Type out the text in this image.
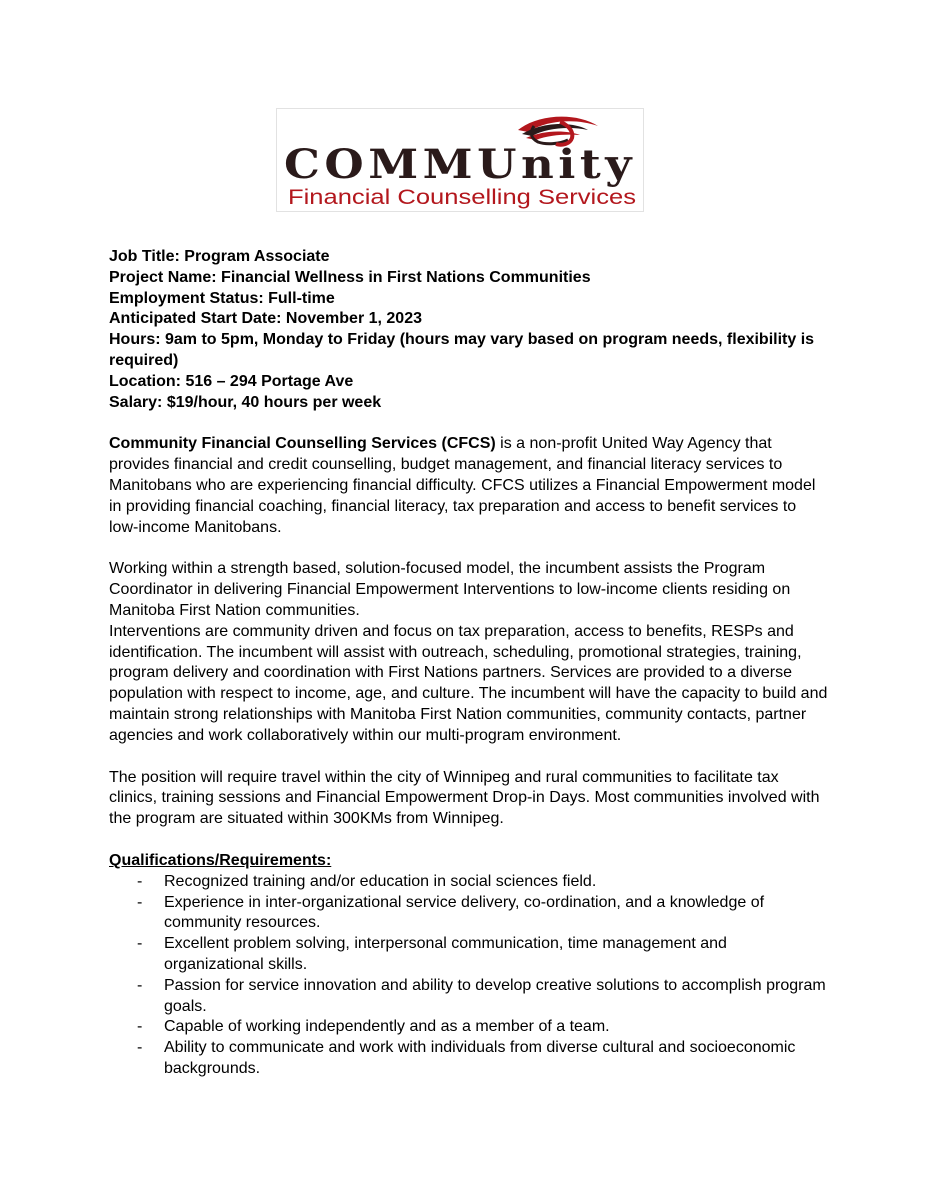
COMMUnity
Financial Counselling Services

Job Title: Program Associate

Project Name: Financial Wellness in First Nations Communities

Employment Status: Full-time

Anticipated Start Date: November 1, 2023

Hours: 9am to 5pm, Monday to Friday (hours may vary based on program needs, flexibility is required)

Location: 516 – 294 Portage Ave

Salary: $19/hour, 40 hours per week

Community Financial Counselling Services (CFCS) is a non-profit United Way Agency that provides financial and credit counselling, budget management, and financial literacy services to Manitobans who are experiencing financial difficulty. CFCS utilizes a Financial Empowerment model in providing financial coaching, financial literacy, tax preparation and access to benefit services to low-income Manitobans.

Working within a strength based, solution-focused model, the incumbent assists the Program Coordinator in delivering Financial Empowerment Interventions to low-income clients residing on Manitoba First Nation communities.

Interventions are community driven and focus on tax preparation, access to benefits, RESPs and identification. The incumbent will assist with outreach, scheduling, promotional strategies, training, program delivery and coordination with First Nations partners. Services are provided to a diverse population with respect to income, age, and culture. The incumbent will have the capacity to build and maintain strong relationships with Manitoba First Nation communities, community contacts, partner agencies and work collaboratively within our multi-program environment.

The position will require travel within the city of Winnipeg and rural communities to facilitate tax clinics, training sessions and Financial Empowerment Drop-in Days. Most communities involved with the program are situated within 300KMs from Winnipeg.

Qualifications/Requirements:

- Recognized training and/or education in social sciences field.
- Experience in inter-organizational service delivery, co-ordination, and a knowledge of community resources.
- Excellent problem solving, interpersonal communication, time management and organizational skills.
- Passion for service innovation and ability to develop creative solutions to accomplish program goals.
- Capable of working independently and as a member of a team.
- Ability to communicate and work with individuals from diverse cultural and socioeconomic backgrounds.
